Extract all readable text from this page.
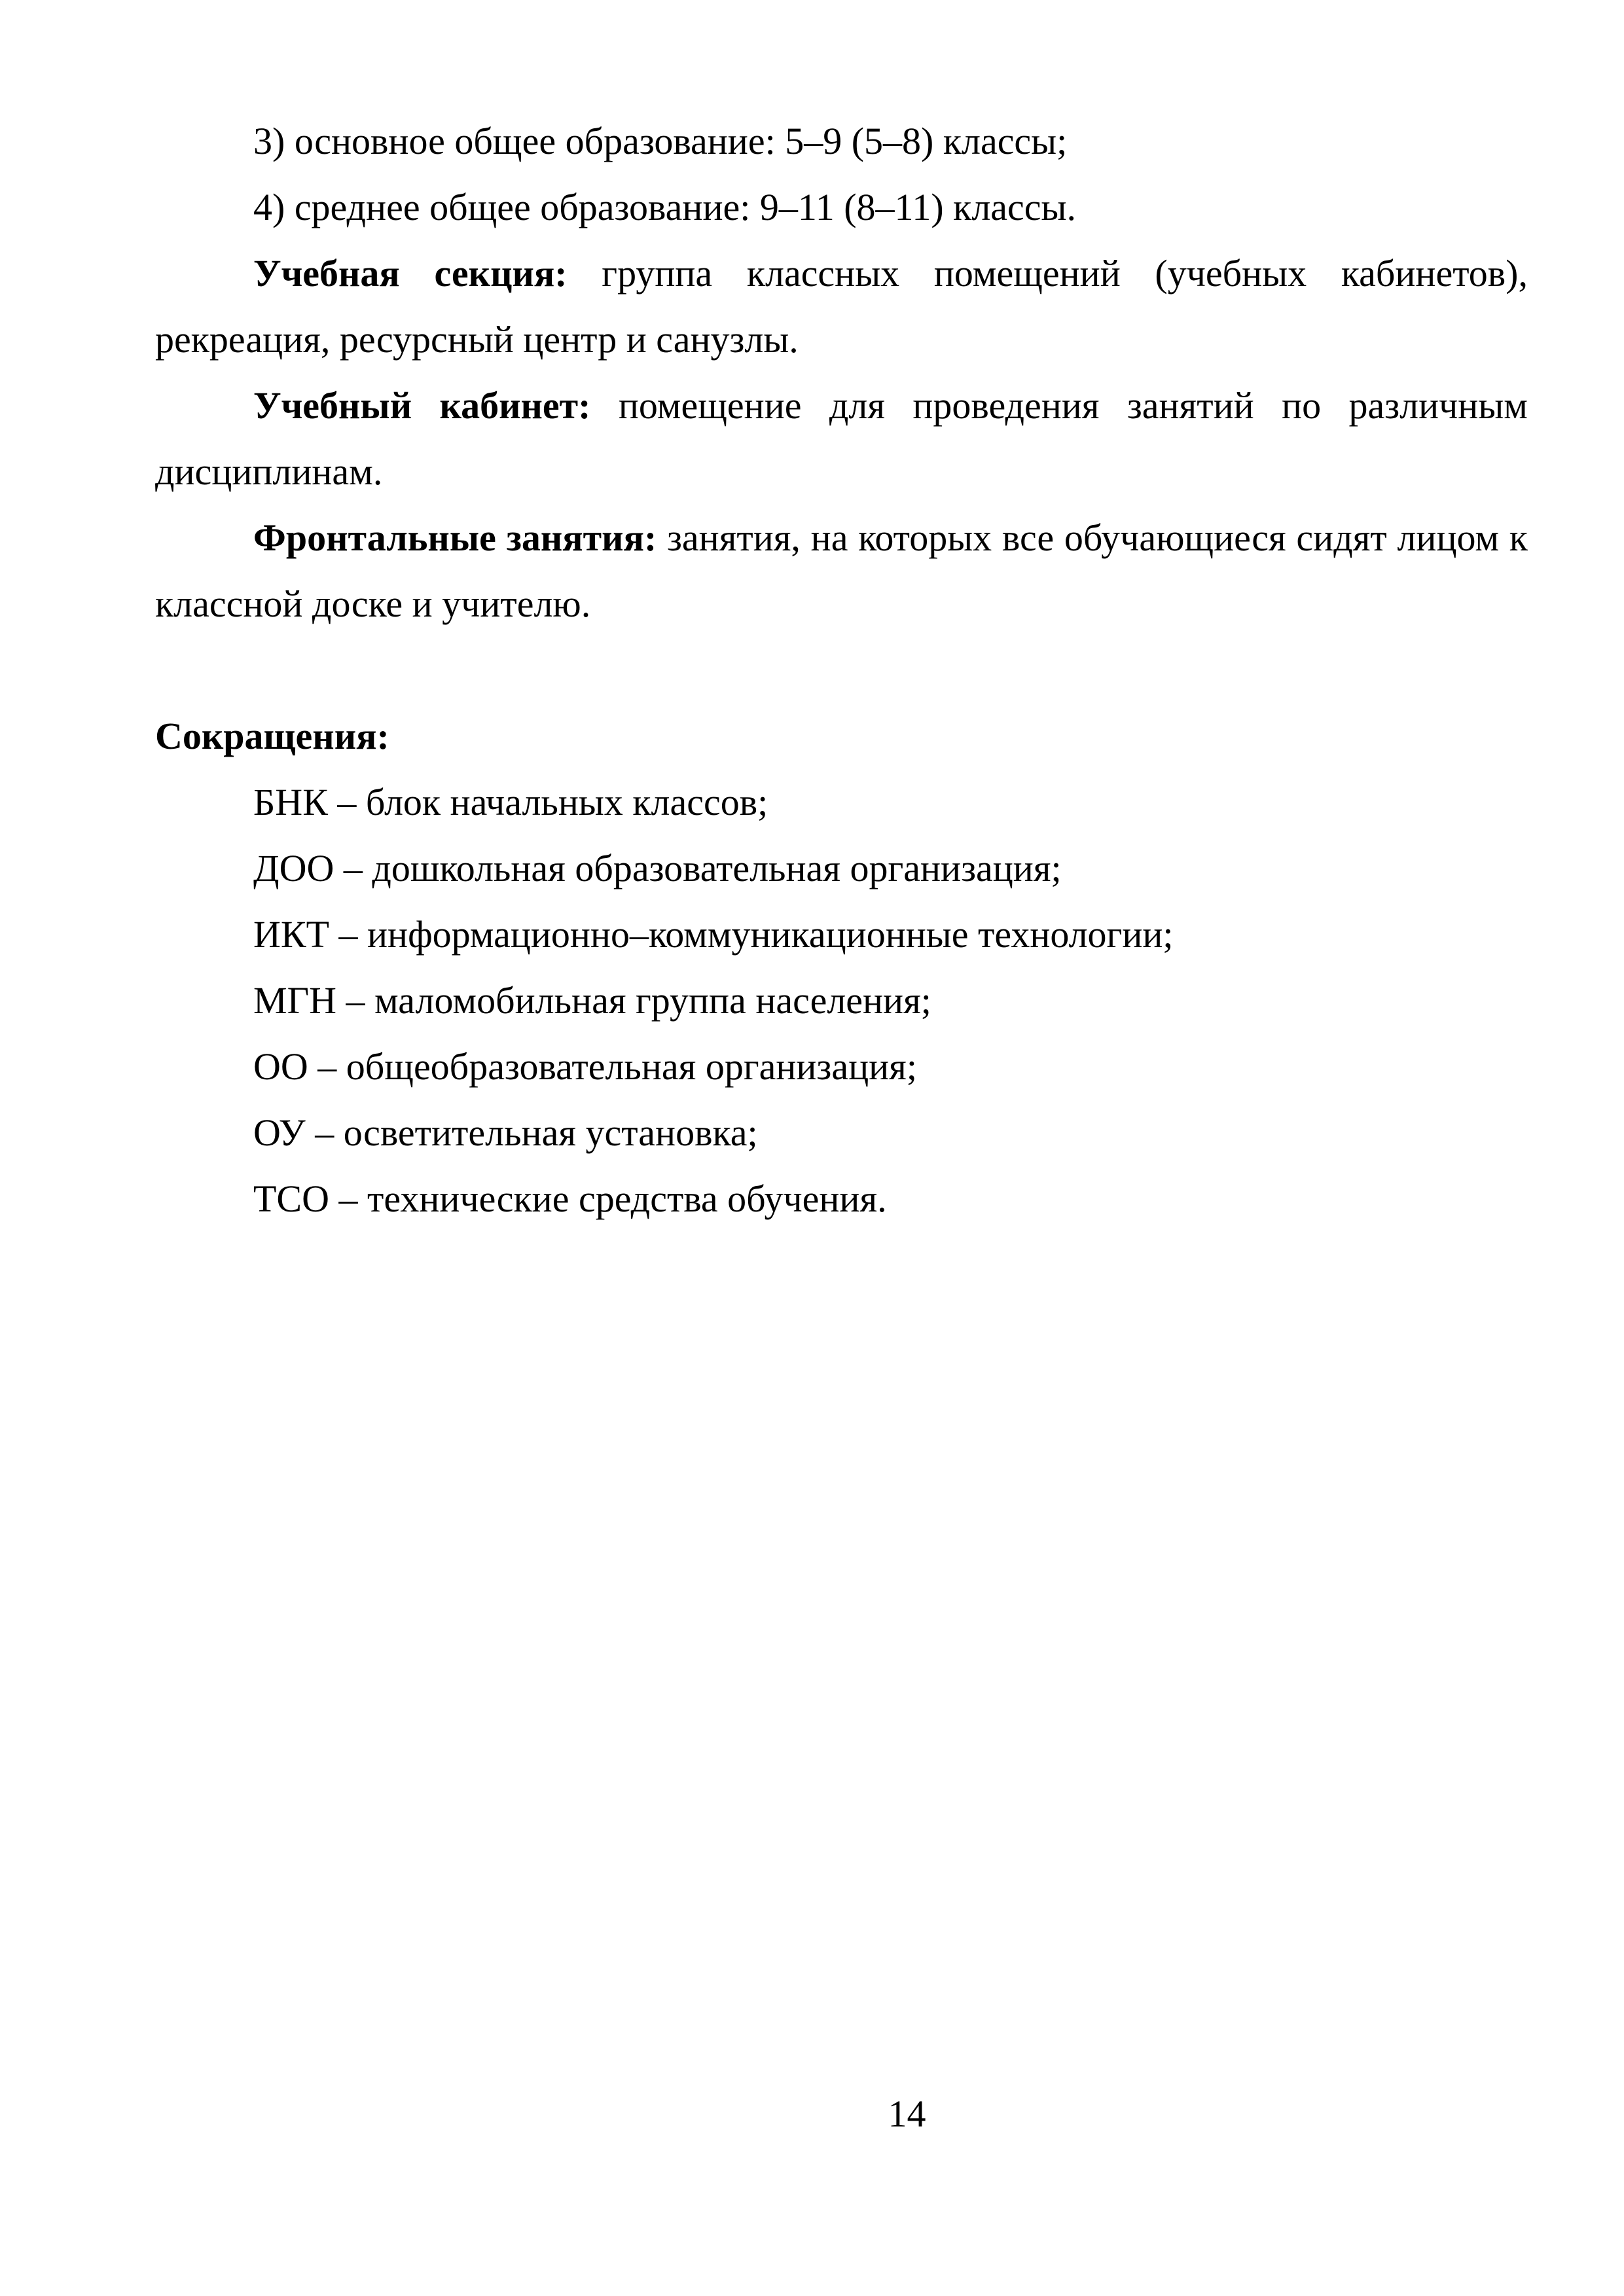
3) основное общее образование: 5–9 (5–8) классы;

4) среднее общее образование: 9–11 (8–11) классы.

Учебная секция: группа классных помещений (учебных кабинетов), рекреация, ресурсный центр и санузлы.

Учебный кабинет: помещение для проведения занятий по различным дисциплинам.

Фронтальные занятия: занятия, на которых все обучающиеся сидят лицом к классной доске и учителю.

Сокращения:

БНК – блок начальных классов;

ДОО – дошкольная образовательная организация;

ИКТ – информационно–коммуникационные технологии;

МГН – маломобильная группа населения;

ОО – общеобразовательная организация;

ОУ – осветительная установка;

ТСО – технические средства обучения.

14
